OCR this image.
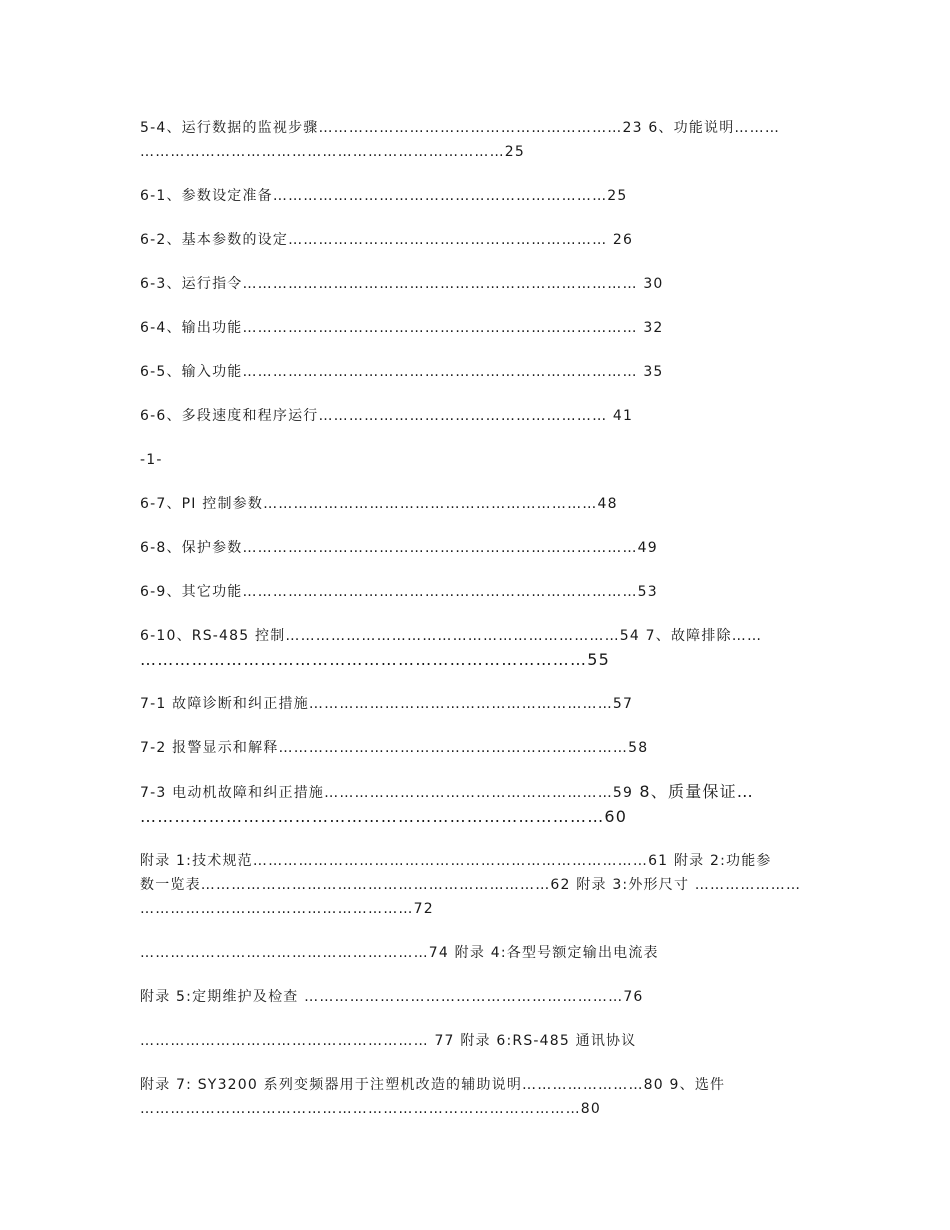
5-4、运行数据的监视步骤……………………………………………………23 6、功能说明………

………………………………………………………………25

6-1、参数设定准备…………………………………………………………25

6-2、基本参数的设定……………………………………………………… 26

6-3、运行指令…………………………………………………………………… 30

6-4、输出功能…………………………………………………………………… 32

6-5、输入功能…………………………………………………………………… 35

6-6、多段速度和程序运行………………………………………………… 41

-1-

6-7、PI 控制参数…………………………………………………………48

6-8、保护参数……………………………………………………………………49

6-9、其它功能……………………………………………………………………53

6-10、RS-485 控制…………………………………………………………54 7、故障排除……

……………………………………………………………………55

7-1 故障诊断和纠正措施……………………………………………………57

7-2 报警显示和解释……………………………………………………………58

7-3 电动机故障和纠正措施…………………………………………………59 8、质量保证…

………………………………………………………………………60

附录 1:技术规范……………………………………………………………………61 附录 2:功能参

数一览表……………………………………………………………62 附录 3:外形尺寸 …………………

………………………………………………72

…………………………………………………74 附录 4:各型号额定输出电流表

附录 5:定期维护及检查 ………………………………………………………76

………………………………………………… 77 附录 6:RS-485 通讯协议

附录 7: SY3200 系列变频器用于注塑机改造的辅助说明……………………80 9、选件

……………………………………………………………………………80
